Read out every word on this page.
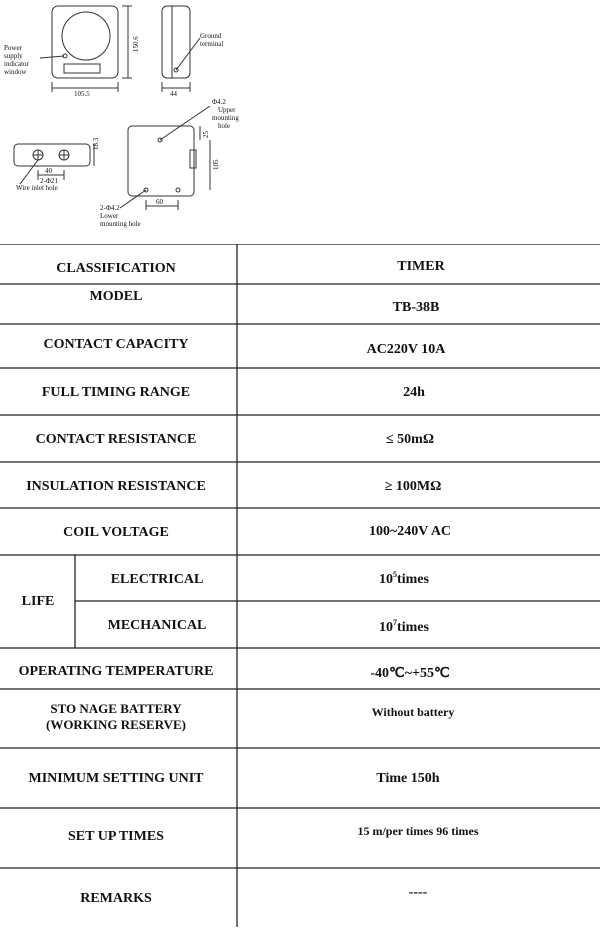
Power
supply
indicator
window
Ground
terminal
Φ4.2
Upper
mounting
hole
Wire inlet hole
2-Φ21
2-Φ4.2
Lower
mounting hole
105.5
150.6
44
18.3
40
25
105
60
CLASSIFICATION
MODEL
CONTACT CAPACITY
FULL TIMING RANGE
CONTACT RESISTANCE
INSULATION RESISTANCE
COIL VOLTAGE
LIFE
ELECTRICAL
MECHANICAL
OPERATING TEMPERATURE
STO NAGE BATTERY
(WORKING RESERVE)
MINIMUM SETTING UNIT
SET UP TIMES
REMARKS
TIMER
TB-38B
AC220V 10A
24h
≤ 50mΩ
≥ 100MΩ
100~240V AC
$10^5times$
$10^7times$
-40℃~+55℃
Without battery
Time 150h
15 m/per times 96 times
----
